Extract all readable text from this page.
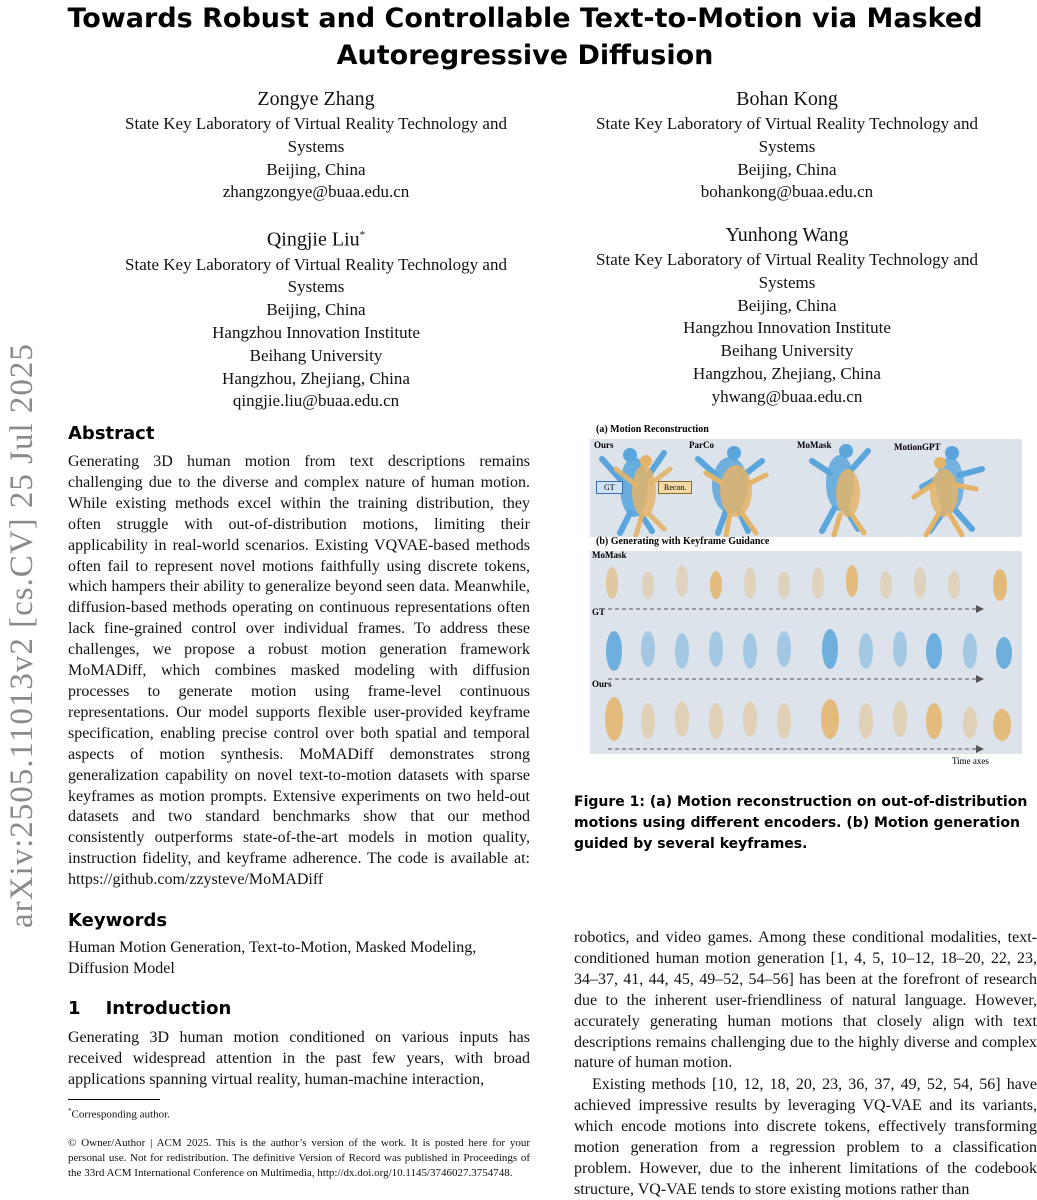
Towards Robust and Controllable Text-to-Motion via Masked Autoregressive Diffusion
Zongye Zhang
State Key Laboratory of Virtual Reality Technology and
Systems
Beijing, China
zhangzongye@buaa.edu.cn
Bohan Kong
State Key Laboratory of Virtual Reality Technology and
Systems
Beijing, China
bohankong@buaa.edu.cn
Qingjie Liu*
State Key Laboratory of Virtual Reality Technology and
Systems
Beijing, China
Hangzhou Innovation Institute
Beihang University
Hangzhou, Zhejiang, China
qingjie.liu@buaa.edu.cn
Yunhong Wang
State Key Laboratory of Virtual Reality Technology and
Systems
Beijing, China
Hangzhou Innovation Institute
Beihang University
Hangzhou, Zhejiang, China
yhwang@buaa.edu.cn
arXiv:2505.11013v2 [cs.CV] 25 Jul 2025 Abstract

Generating 3D human motion from text descriptions remains challenging due to the diverse and complex nature of human motion. While existing methods excel within the training distribution, they often struggle with out-of-distribution motions, limiting their applicability in real-world scenarios. Existing VQVAE-based methods often fail to represent novel motions faithfully using discrete tokens, which hampers their ability to generalize beyond seen data. Meanwhile, diffusion-based methods operating on continuous representations often lack fine-grained control over individual frames. To address these challenges, we propose a robust motion generation framework MoMADiff, which combines masked modeling with diffusion processes to generate motion using frame-level continuous representations. Our model supports flexible user-provided keyframe specification, enabling precise control over both spatial and temporal aspects of motion synthesis. MoMADiff demonstrates strong generalization capability on novel text-to-motion datasets with sparse keyframes as motion prompts. Extensive experiments on two held-out datasets and two standard benchmarks show that our method consistently outperforms state-of-the-art models in motion quality, instruction fidelity, and keyframe adherence. The code is available at: https://github.com/zzysteve/MoMADiff

Keywords

Human Motion Generation, Text-to-Motion, Masked Modeling, Diffusion Model

1    Introduction

Generating 3D human motion conditioned on various inputs has received widespread attention in the past few years, with broad applications spanning virtual reality, human-machine interaction,

*Corresponding author.

© Owner/Author | ACM 2025. This is the author’s version of the work. It is posted here for your personal use. Not for redistribution. The definitive Version of Record was published in Proceedings of the 33rd ACM International Conference on Multimedia, http://dx.doi.org/10.1145/3746027.3754748.

robotics, and video games. Among these conditional modalities, text-conditioned human motion generation [1, 4, 5, 10–12, 18–20, 22, 23, 34–37, 41, 44, 45, 49–52, 54–56] has been at the forefront of research due to the inherent user-friendliness of natural language. However, accurately generating human motions that closely align with text descriptions remains challenging due to the highly diverse and complex nature of human motion.

Existing methods [10, 12, 18, 20, 23, 36, 37, 49, 52, 54, 56] have achieved impressive results by leveraging VQ-VAE and its variants, which encode motions into discrete tokens, effectively transforming motion generation from a regression problem to a classification problem. However, due to the inherent limitations of the codebook structure, VQ-VAE tends to store existing motions rather than

(a) Motion Reconstruction
Ours	ParCo	MoMask	MotionGPT
GT	Recon.
(b) Generating with Keyframe Guidance
MoMask
GT
Ours
Time axes

Figure 1: (a) Motion reconstruction on out-of-distribution motions using different encoders. (b) Motion generation guided by several keyframes.
